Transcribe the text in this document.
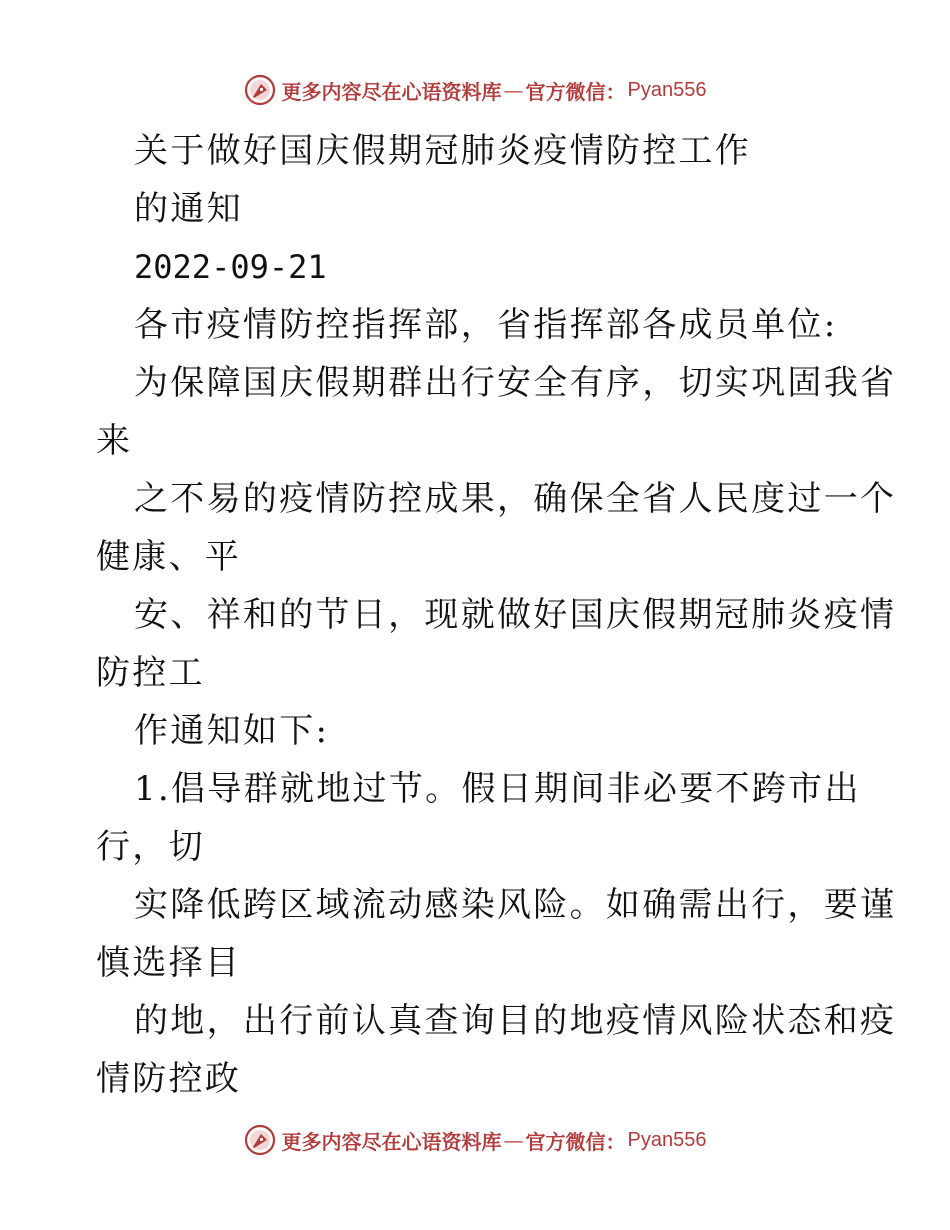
更多内容尽在心语资料库 — 官方微信： Pyan556
关于做好国庆假期冠肺炎疫情防控工作
的通知
2022-09-21
各市疫情防控指挥部，省指挥部各成员单位:
为保障国庆假期群出行安全有序，切实巩固我省
来
之不易的疫情防控成果，确保全省人民度过一个
健康、平
安、祥和的节日，现就做好国庆假期冠肺炎疫情
防控工
作通知如下:
1.倡导群就地过节。假日期间非必要不跨市出
行，切
实降低跨区域流动感染风险。如确需出行，要谨
慎选择目
的地，出行前认真查询目的地疫情风险状态和疫
情防控政
更多内容尽在心语资料库 — 官方微信： Pyan556
